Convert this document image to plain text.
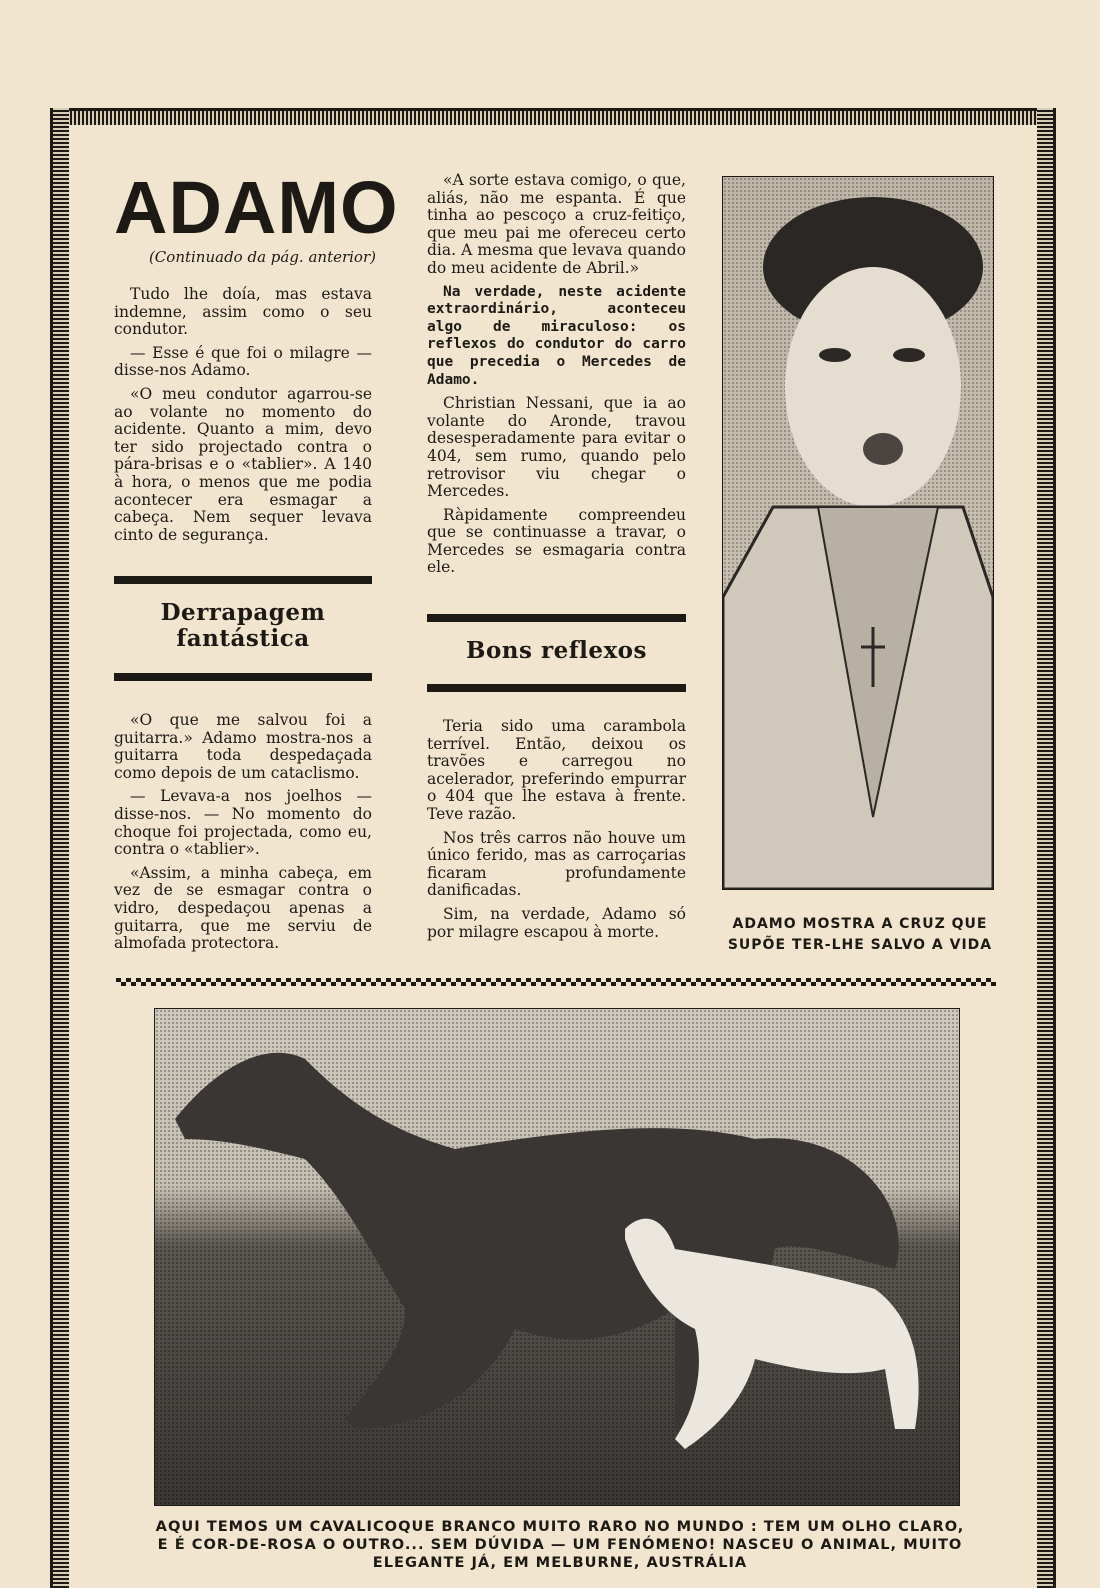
ADAMO

(Continuado da pág. anterior)

Tudo lhe doía, mas estava indemne, assim como o seu condutor.

— Esse é que foi o milagre — disse-nos Adamo.

«O meu condutor agarrou-se ao volante no momento do acidente. Quanto a mim, devo ter sido projectado contra o pára-brisas e o «tablier». A 140 à hora, o menos que me podia acontecer era esmagar a cabeça. Nem sequer levava cinto de segurança.

Derrapagem
fantástica

«O que me salvou foi a guitarra.» Adamo mostra-nos a guitarra toda despedaçada como depois de um cataclismo.

— Levava-a nos joelhos — disse-nos. — No momento do choque foi projectada, como eu, contra o «tablier».

«Assim, a minha cabeça, em vez de se esmagar contra o vidro, despedaçou apenas a guitarra, que me serviu de almofada protectora.

«A sorte estava comigo, o que, aliás, não me espanta. É que tinha ao pescoço a cruz-feitiço, que meu pai me ofereceu certo dia. A mesma que levava quando do meu acidente de Abril.»

Na verdade, neste acidente extraordinário, aconteceu algo de miraculoso: os reflexos do condutor do carro que precedia o Mercedes de Adamo.

Christian Nessani, que ia ao volante do Aronde, travou desesperadamente para evitar o 404, sem rumo, quando pelo retrovisor viu chegar o Mercedes.

Ràpidamente compreendeu que se continuasse a travar, o Mercedes se esmagaria contra ele.

Bons reflexos

Teria sido uma carambola terrível. Então, deixou os travões e carregou no acelerador, preferindo empurrar o 404 que lhe estava à frente. Teve razão.

Nos três carros não houve um único ferido, mas as carroçarias ficaram profundamente danificadas.

Sim, na verdade, Adamo só por milagre escapou à morte.	ADAMO MOSTRA A CRUZ QUE
SUPÕE TER-LHE SALVO A VIDA

AQUI TEMOS UM CAVALICOQUE BRANCO MUITO RARO NO MUNDO : TEM UM OLHO CLARO,
E É COR-DE-ROSA O OUTRO... SEM DÚVIDA — UM FENÓMENO! NASCEU O ANIMAL, MUITO
ELEGANTE JÁ, EM MELBURNE, AUSTRÁLIA
